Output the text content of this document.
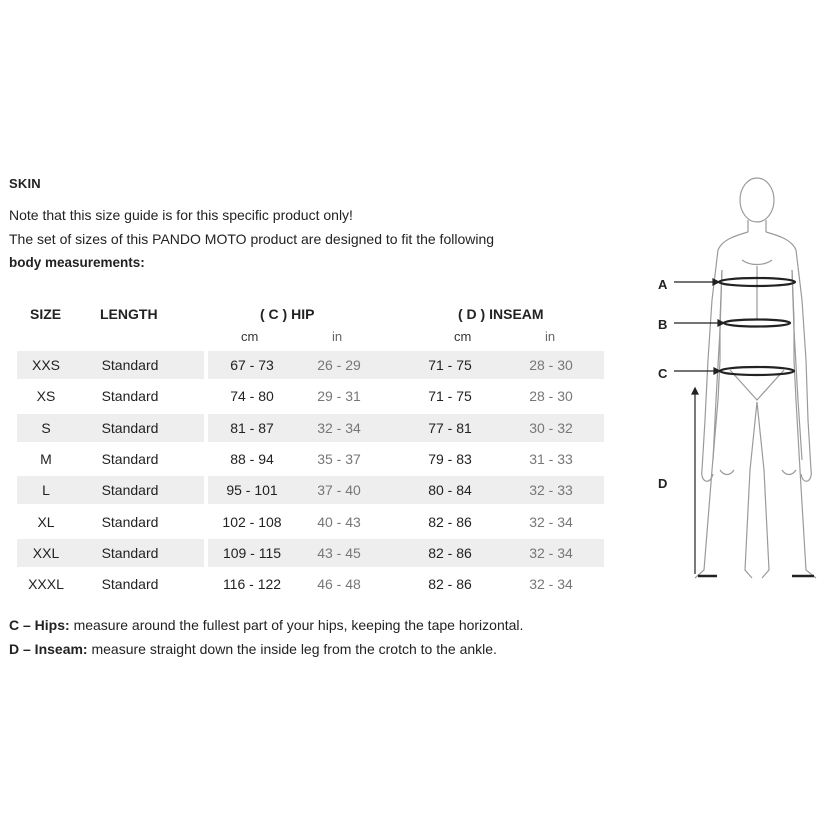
SKIN
Note that this size guide is for this specific product only!
The set of sizes of this PANDO MOTO product are designed to fit the following
body measurements:
SIZE	LENGTH	( C ) HIP	( D ) INSEAM
cm	in	cm	in
XXS	Standard	67 - 73	26 - 29	71 - 75	28 - 30
XS	Standard	74 - 80	29 - 31	71 - 75	28 - 30
S	Standard	81 - 87	32 - 34	77 - 81	30 - 32
M	Standard	88 - 94	35 - 37	79 - 83	31 - 33
L	Standard	95 - 101	37 - 40	80 - 84	32 - 33
XL	Standard	102 - 108	40 - 43	82 - 86	32 - 34
XXL	Standard	109 - 115	43 - 45	82 - 86	32 - 34
XXXL	Standard	116 - 122	46 - 48	82 - 86	32 - 34
C – Hips: measure around the fullest part of your hips, keeping the tape horizontal.
D – Inseam: measure straight down the inside leg from the crotch to the ankle.
A
B
C
D
